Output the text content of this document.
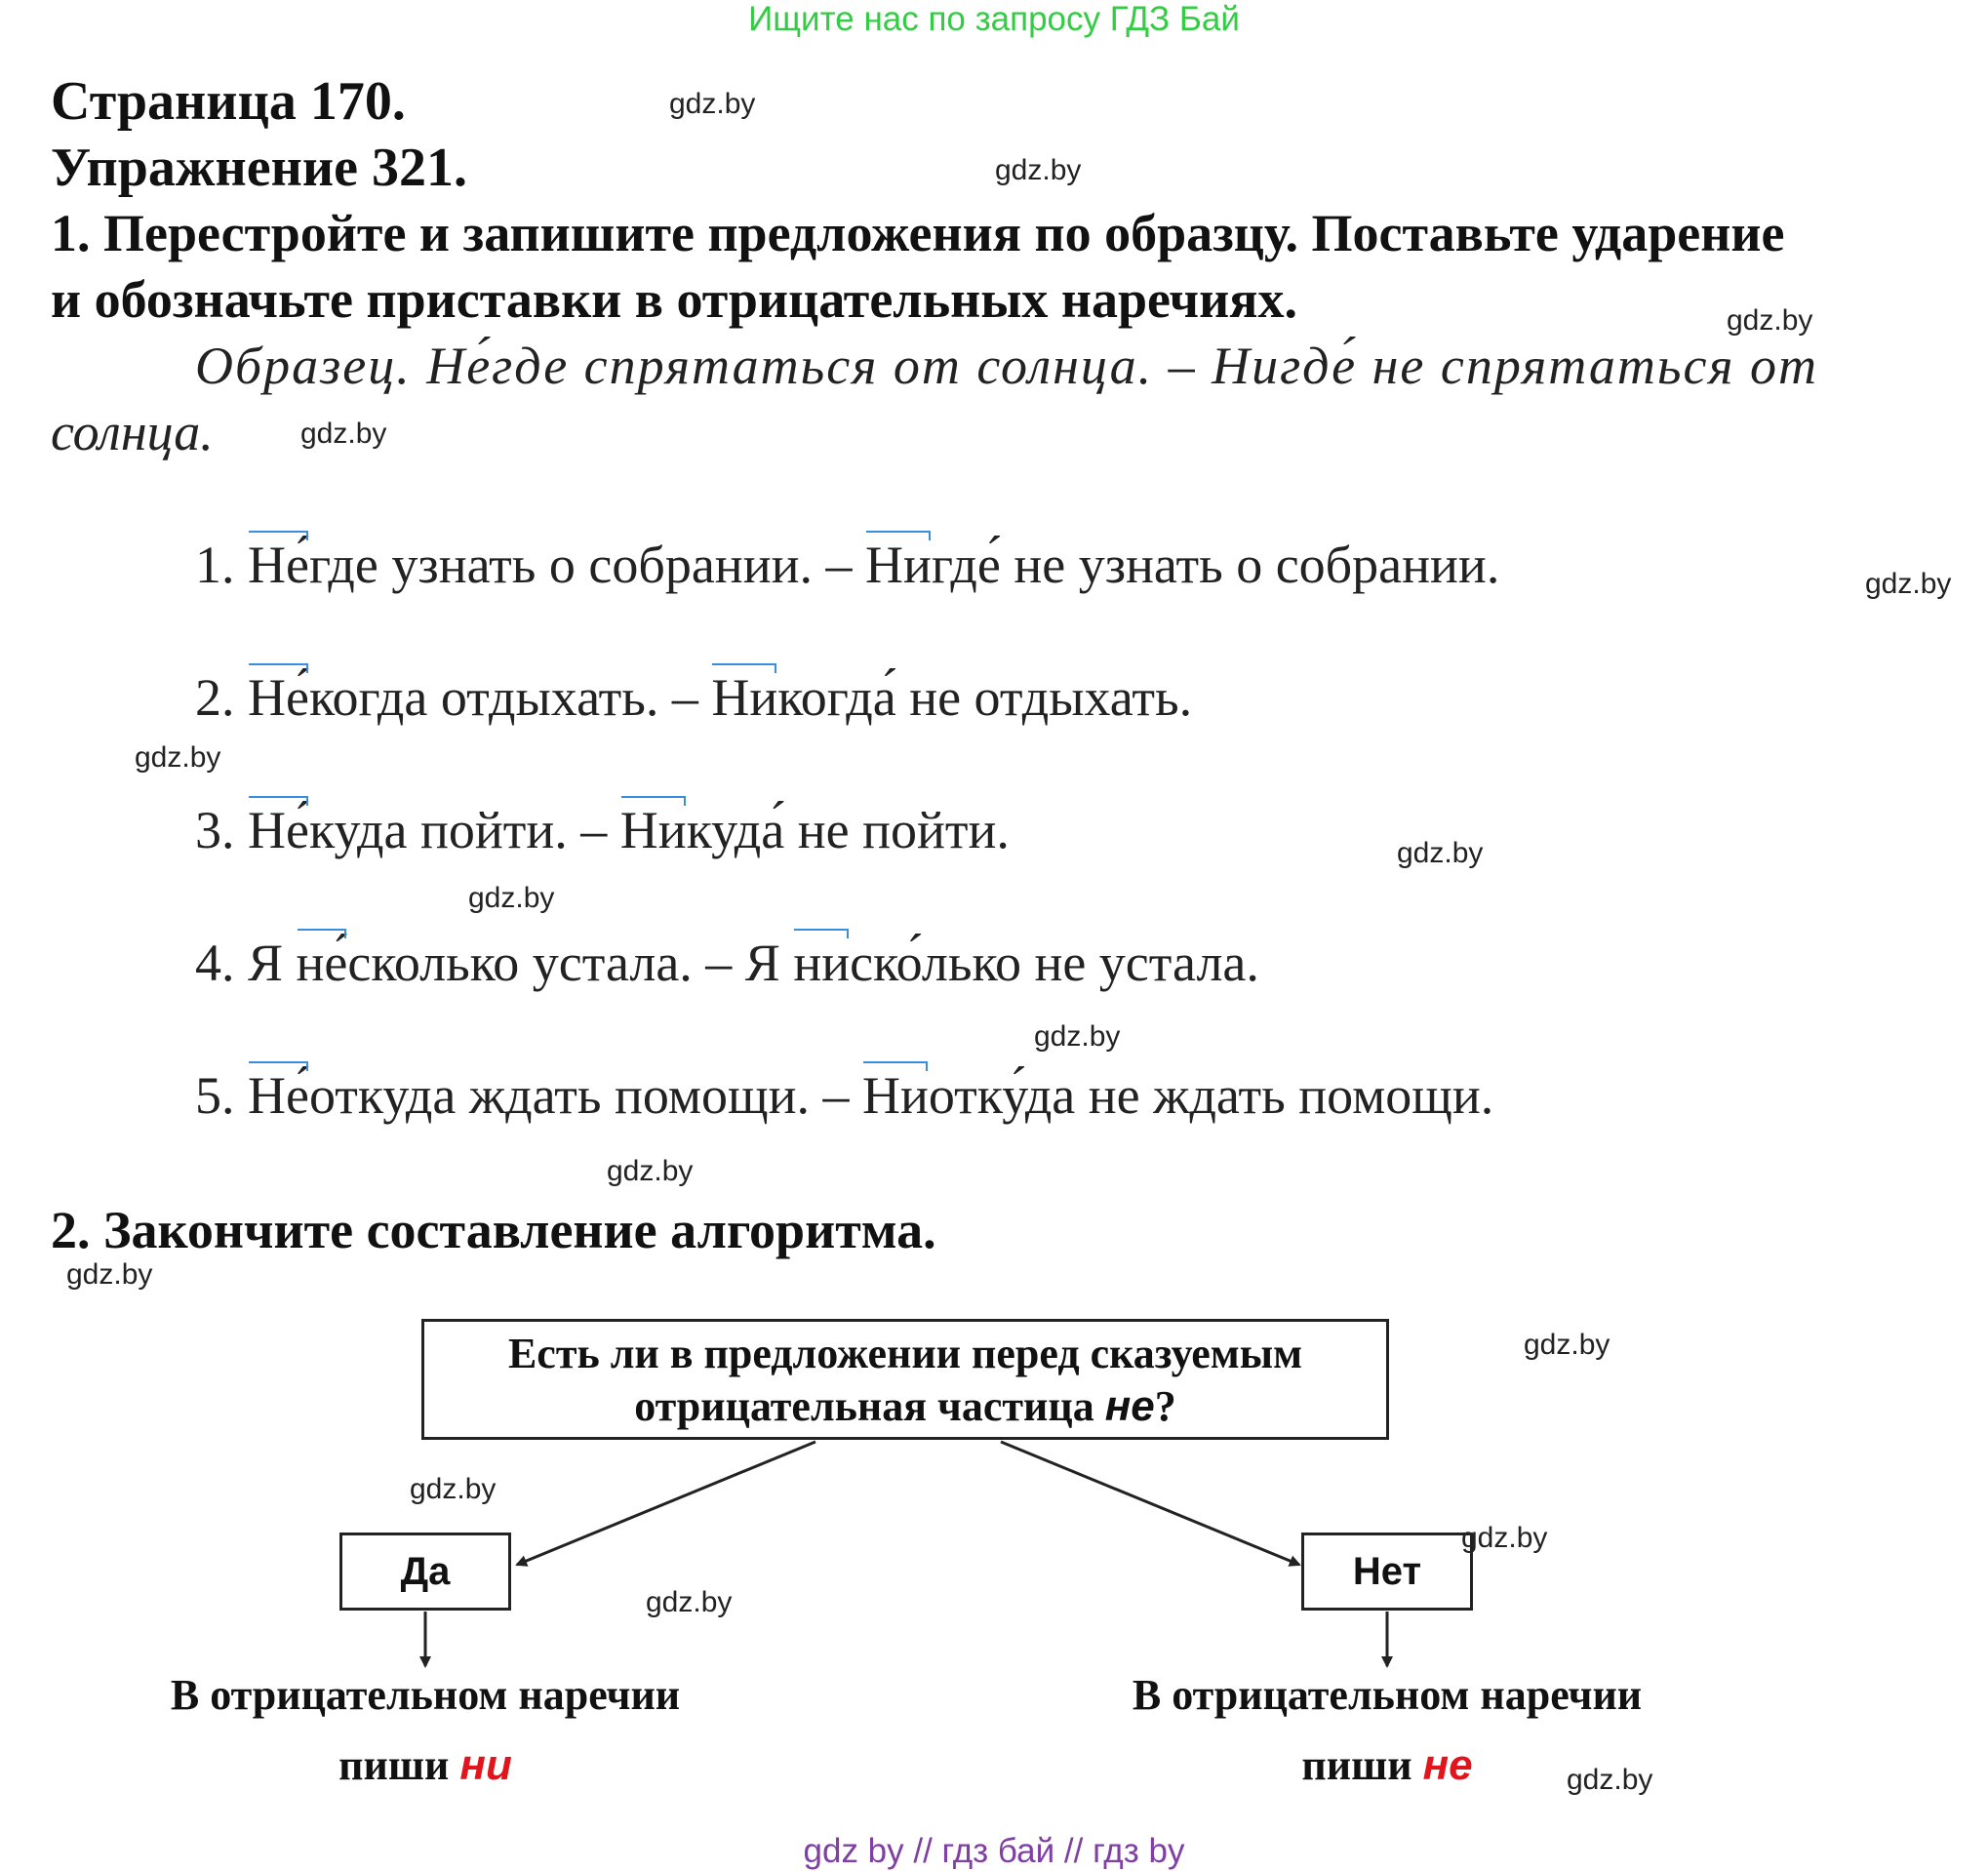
Ищите нас по запросу ГДЗ Бай
Страница 170.
Упражнение 321.
1. Перестройте и запишите предложения по образцу. Поставьте ударение
и обозначьте приставки в отрицательных наречиях.
Образец. Не́где спрятаться от солнца. – Нигде́ не спрятаться от
солнца.
1. Не́где узнать о собрании. – Нигде́ не узнать о собрании.
2. Не́когда отдыхать. – Никогда́ не отдыхать.
3. Не́куда пойти. – Никуда́ не пойти.
4. Я не́сколько устала. – Я ниско́лько не устала.
5. Не́откуда ждать помощи. – Ниотку́да не ждать помощи.
2. Закончите составление алгоритма.
Есть ли в предложении перед сказуемым
отрицательная частица не?
Да	Нет
В отрицательном наречии
пиши ни
В отрицательном наречии
пиши не
gdz.by
gdz.by
gdz.by
gdz.by
gdz.by
gdz.by
gdz.by
gdz.by
gdz.by
gdz.by
gdz.by
gdz.by
gdz.by
gdz.by
gdz.by
gdz.by
gdz by // гдз бай // гдз by
